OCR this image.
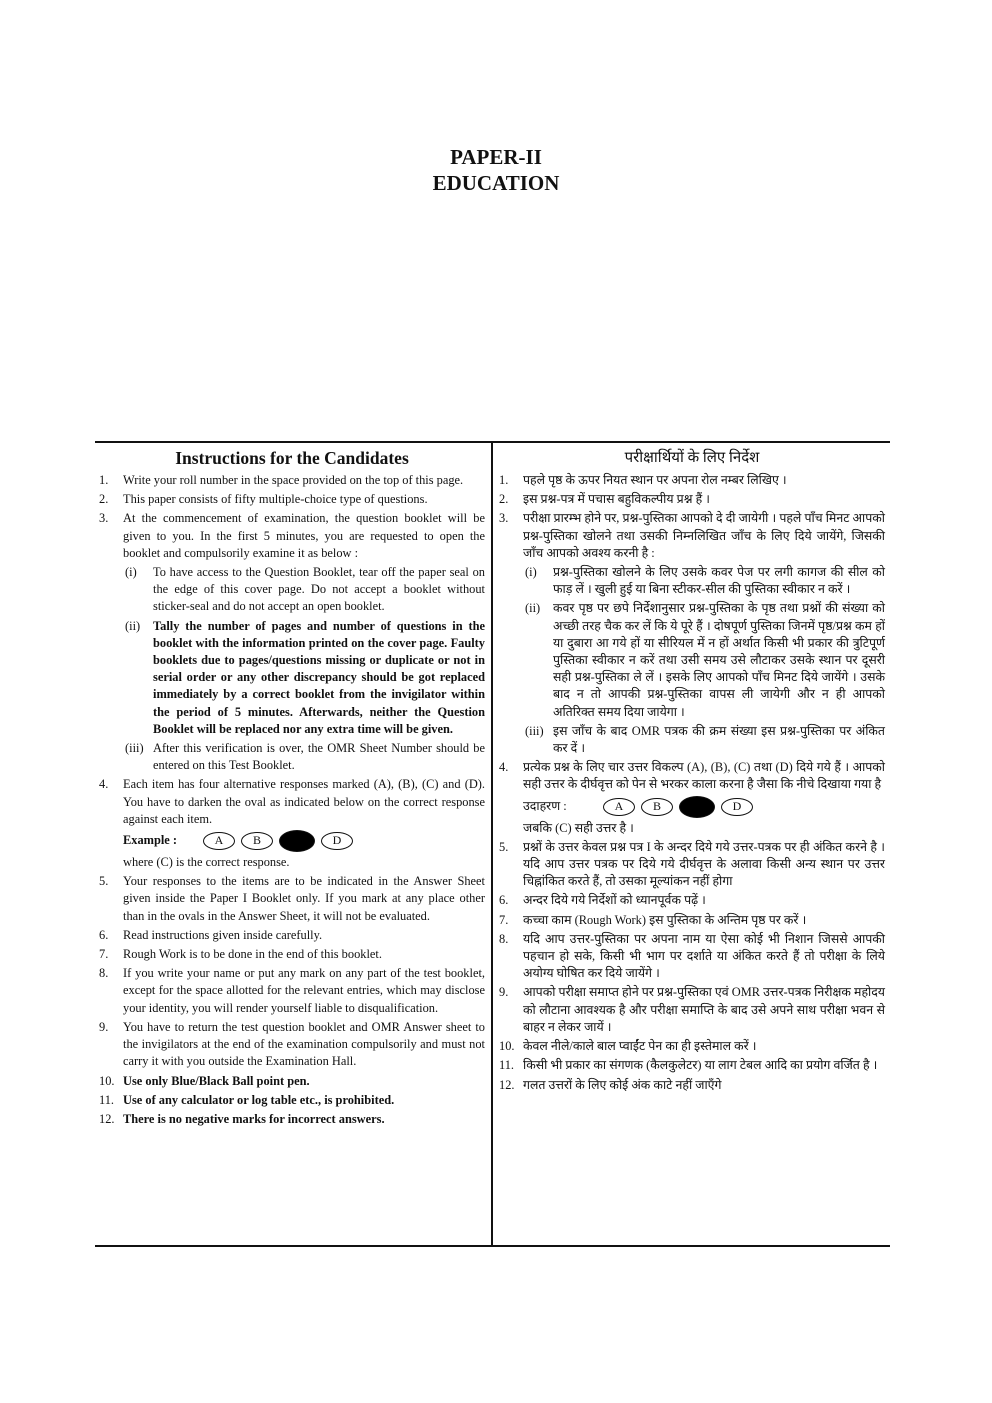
PAPER-II
EDUCATION
Instructions for the Candidates
1.	Write your roll number in the space provided on the top of this page.
2.	This paper consists of fifty multiple-choice type of questions.
3.	At the commencement of examination, the question booklet will be given to you. In the first 5 minutes, you are requested to open the booklet and compulsorily examine it as below :
(i)	To have access to the Question Booklet, tear off the paper seal on the edge of this cover page. Do not accept a booklet without sticker-seal and do not accept an open booklet.
(ii)	Tally the number of pages and number of questions in the booklet with the information printed on the cover page. Faulty booklets due to pages/questions missing or duplicate or not in serial order or any other discrepancy should be got replaced immediately by a correct booklet from the invigilator within the period of 5 minutes. Afterwards, neither the Question Booklet will be replaced nor any extra time will be given.
(iii) After this verification is over, the OMR Sheet Number should be entered on this Test Booklet.
4.	Each item has four alternative responses marked (A), (B), (C) and (D). You have to darken the oval as indicated below on the correct response against each item.
Example :	A	B	D
where (C) is the correct response.
5.	Your responses to the items are to be indicated in the Answer Sheet given inside the Paper I Booklet only. If you mark at any place other than in the ovals in the Answer Sheet, it will not be evaluated.
6.	Read instructions given inside carefully.
7.	Rough Work is to be done in the end of this booklet.
8.	If you write your name or put any mark on any part of the test booklet, except for the space allotted for the relevant entries, which may disclose your identity, you will render yourself liable to disqualification.
9.	You have to return the test question booklet and OMR Answer sheet to the invigilators at the end of the examination compulsorily and must not carry it with you outside the Examination Hall.
10. Use only Blue/Black Ball point pen.
11. Use of any calculator or log table etc., is prohibited.
12. There is no negative marks for incorrect answers.
परीक्षार्थियों के लिए निर्देश
1.	पहले पृष्ठ के ऊपर नियत स्थान पर अपना रोल नम्बर लिखिए ।
2.	इस प्रश्न-पत्र में पचास बहुविकल्पीय प्रश्न हैं ।
3.	परीक्षा प्रारम्भ होने पर, प्रश्न-पुस्तिका आपको दे दी जायेगी । पहले पाँच मिनट आपको प्रश्न-पुस्तिका खोलने तथा उसकी निम्नलिखित जाँच के लिए दिये जायेंगे, जिसकी जाँच आपको अवश्य करनी है :
(i)	प्रश्न-पुस्तिका खोलने के लिए उसके कवर पेज पर लगी कागज की सील को फाड़ लें । खुली हुई या बिना स्टीकर-सील की पुस्तिका स्वीकार न करें ।
(ii)	कवर पृष्ठ पर छपे निर्देशानुसार प्रश्न-पुस्तिका के पृष्ठ तथा प्रश्नों की संख्या को अच्छी तरह चैक कर लें कि ये पूरे हैं । दोषपूर्ण पुस्तिका जिनमें पृष्ठ/प्रश्न कम हों या दुबारा आ गये हों या सीरियल में न हों अर्थात किसी भी प्रकार की त्रुटिपूर्ण पुस्तिका स्वीकार न करें तथा उसी समय उसे लौटाकर उसके स्थान पर दूसरी सही प्रश्न-पुस्तिका ले लें । इसके लिए आपको पाँच मिनट दिये जायेंगे । उसके बाद न तो आपकी प्रश्न-पुस्तिका वापस ली जायेगी और न ही आपको अतिरिक्त समय दिया जायेगा ।
(iii) इस जाँच के बाद OMR पत्रक की क्रम संख्या इस प्रश्न-पुस्तिका पर अंकित कर दें ।
4.	प्रत्येक प्रश्न के लिए चार उत्तर विकल्प (A), (B), (C) तथा (D) दिये गये हैं । आपको सही उत्तर के दीर्घवृत्त को पेन से भरकर काला करना है जैसा कि नीचे दिखाया गया है
उदाहरण :	A	B	D
जबकि (C) सही उत्तर है ।
5.	प्रश्नों के उत्तर केवल प्रश्न पत्र I के अन्दर दिये गये उत्तर-पत्रक पर ही अंकित करने है । यदि आप उत्तर पत्रक पर दिये गये दीर्घवृत्त के अलावा किसी अन्य स्थान पर उत्तर चिह्नांकित करते हैं, तो उसका मूल्यांकन नहीं होगा
6.	अन्दर दिये गये निर्देशों को ध्यानपूर्वक पढ़ें ।
7.	कच्चा काम (Rough Work) इस पुस्तिका के अन्तिम पृष्ठ पर करें ।
8.	यदि आप उत्तर-पुस्तिका पर अपना नाम या ऐसा कोई भी निशान जिससे आपकी पहचान हो सके, किसी भी भाग पर दर्शाते या अंकित करते हैं तो परीक्षा के लिये अयोग्य घोषित कर दिये जायेंगे ।
9.	आपको परीक्षा समाप्त होने पर प्रश्न-पुस्तिका एवं OMR उत्तर-पत्रक निरीक्षक महोदय को लौटाना आवश्यक है और परीक्षा समाप्ति के बाद उसे अपने साथ परीक्षा भवन से बाहर न लेकर जायें ।
10. केवल नीले/काले बाल प्वाईंट पेन का ही इस्तेमाल करें ।
11. किसी भी प्रकार का संगणक (कैलकुलेटर) या लाग टेबल आदि का प्रयोग वर्जित है ।
12. गलत उत्तरों के लिए कोई अंक काटे नहीं जाएँगे
